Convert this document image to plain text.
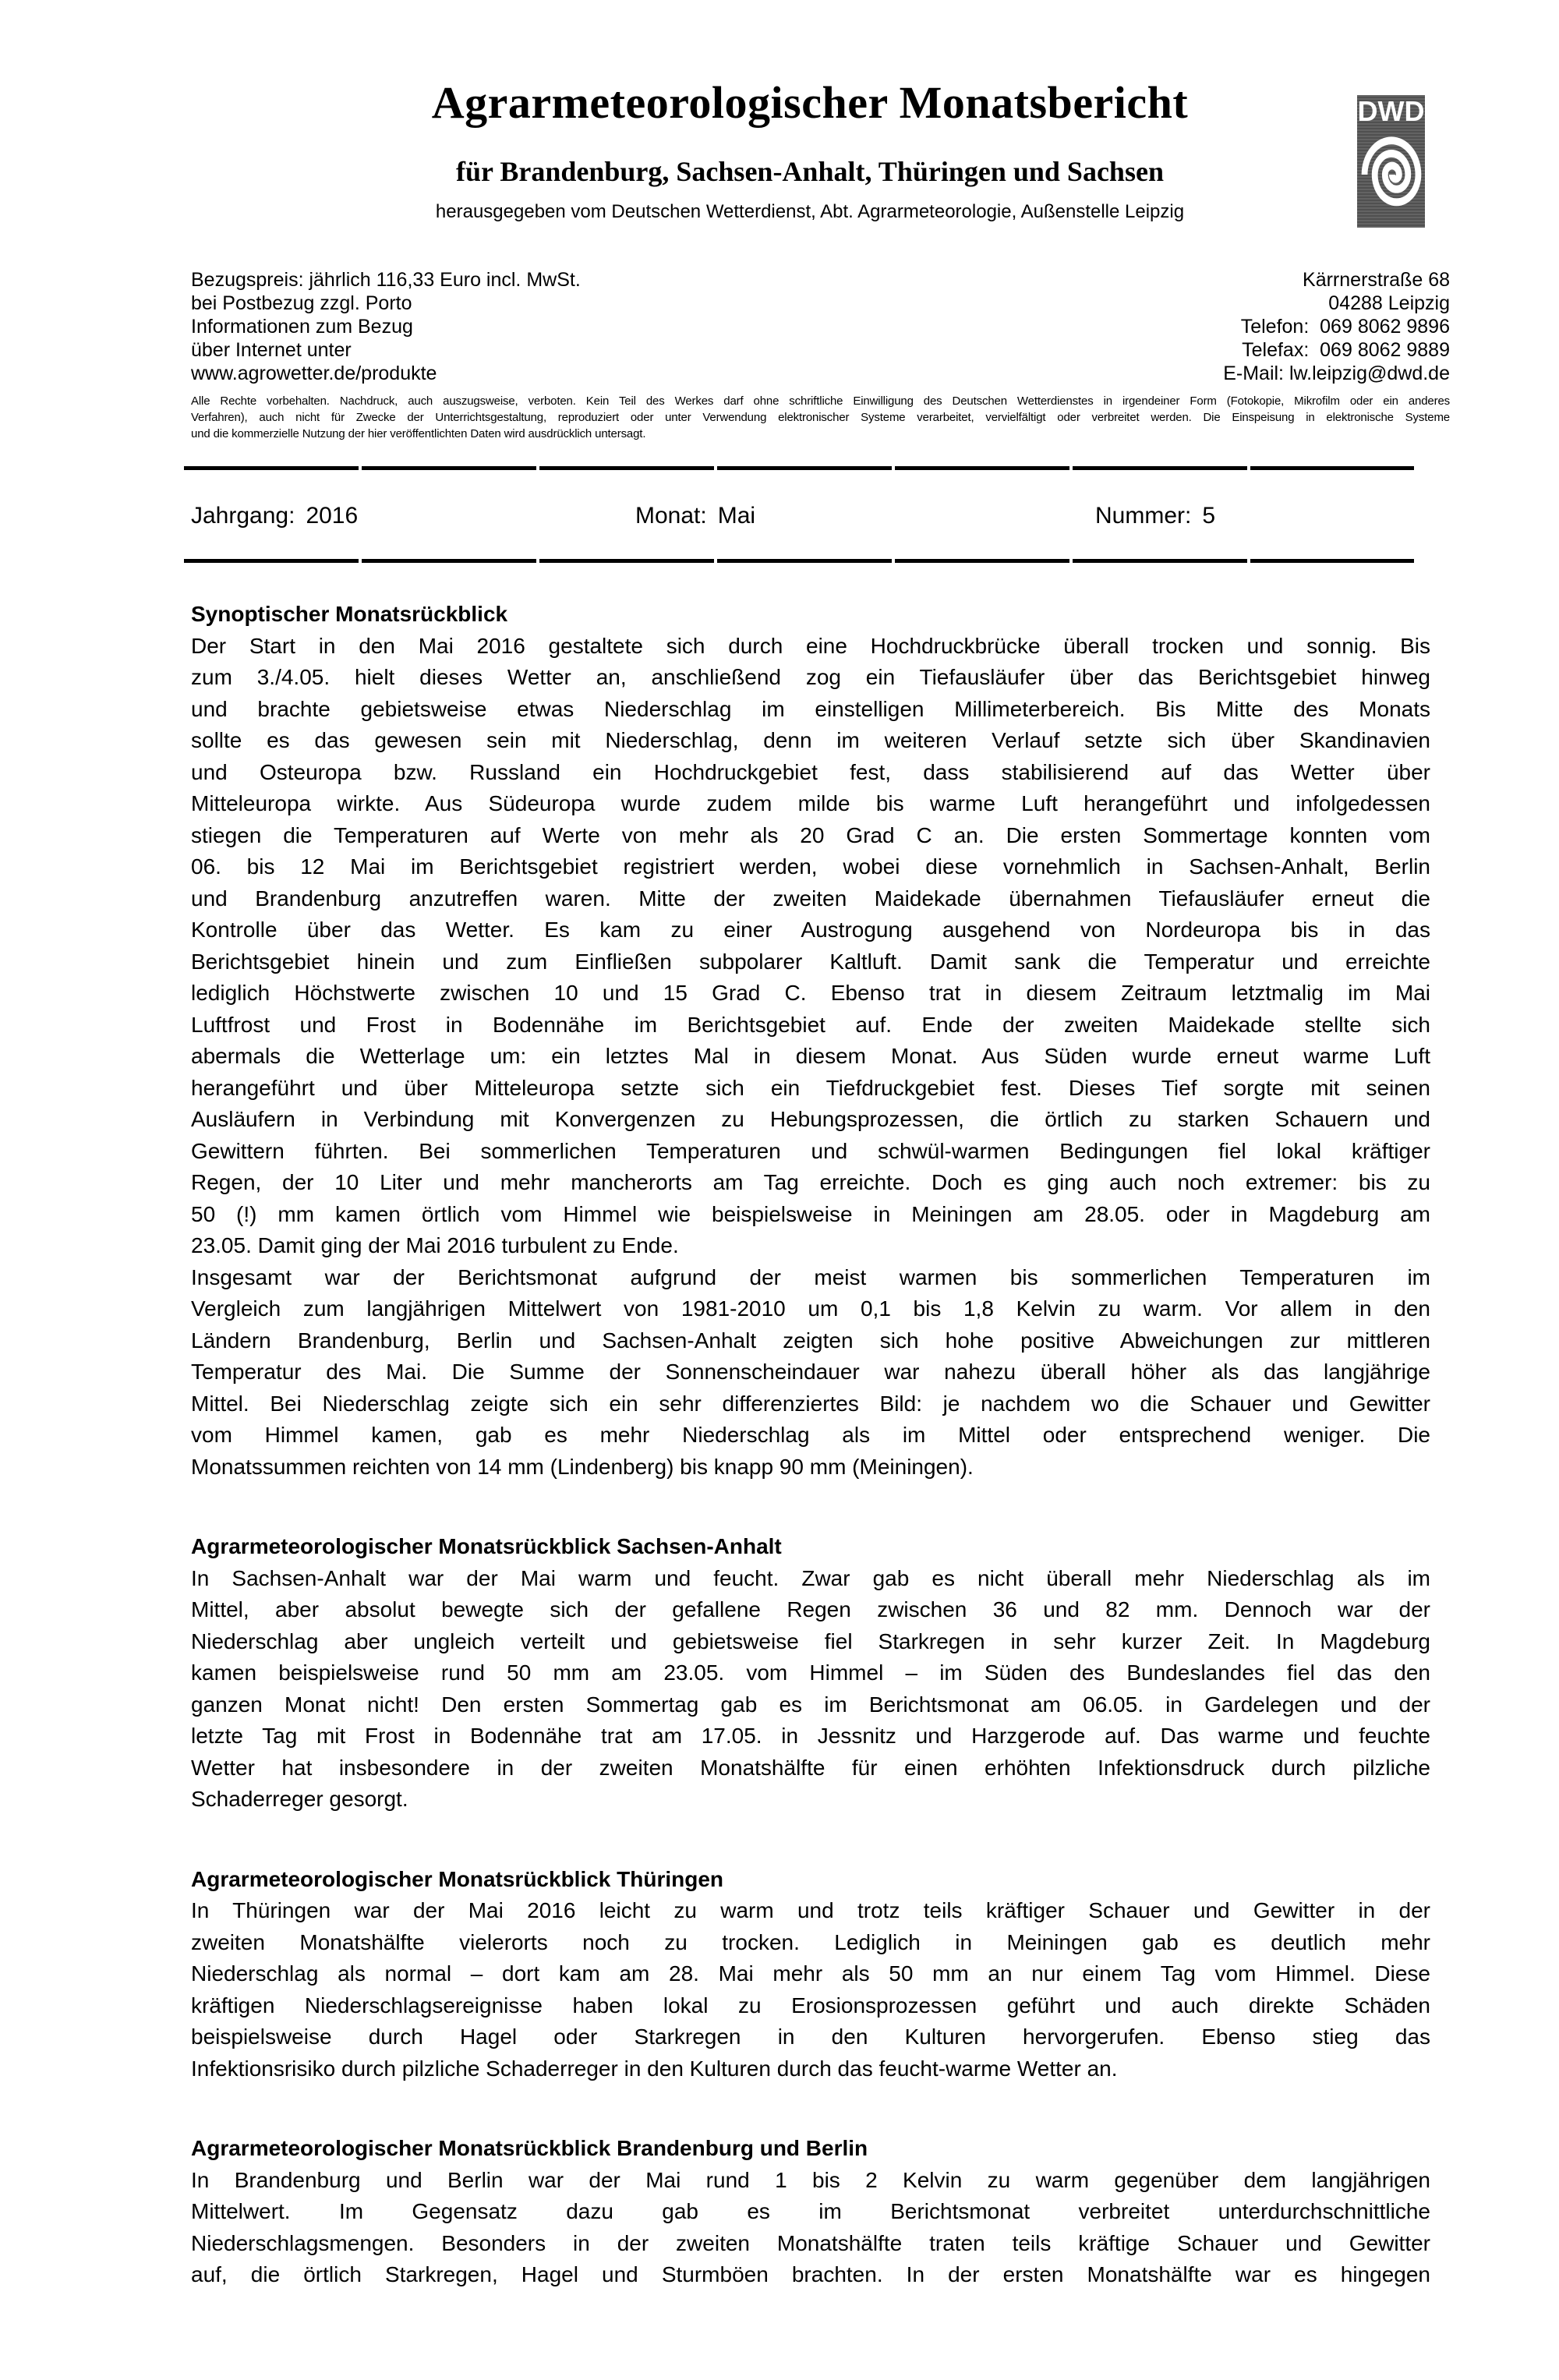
Agrarmeteorologischer Monatsbericht
für Brandenburg, Sachsen-Anhalt, Thüringen und Sachsen
herausgegeben vom Deutschen Wetterdienst, Abt. Agrarmeteorologie, Außenstelle Leipzig
DWD
Bezugspreis: jährlich 116,33 Euro incl. MwSt.
bei Postbezug zzgl. Porto
Informationen zum Bezug
über Internet unter
www.agrowetter.de/produkte
Kärrnerstraße 68
04288 Leipzig
Telefon:  069 8062 9896
Telefax:  069 8062 9889
E-Mail: lw.leipzig@dwd.de
Alle Rechte vorbehalten. Nachdruck, auch auszugsweise, verboten. Kein Teil des Werkes darf ohne schriftliche Einwilligung des Deutschen Wetterdienstes in irgendeiner Form (Fotokopie, Mikrofilm oder ein anderes
Verfahren), auch nicht für Zwecke der Unterrichtsgestaltung, reproduziert oder unter Verwendung elektronischer Systeme verarbeitet, vervielfältigt oder verbreitet werden. Die Einspeisung in elektronische Systeme
und die kommerzielle Nutzung der hier veröffentlichten Daten wird ausdrücklich untersagt.
Jahrgang: 2016	Monat: Mai	Nummer: 5
Synoptischer Monatsrückblick
Der Start in den Mai 2016 gestaltete sich durch eine Hochdruckbrücke überall trocken und sonnig. Bis
zum 3./4.05. hielt dieses Wetter an, anschließend zog ein Tiefausläufer über das Berichtsgebiet hinweg
und brachte gebietsweise etwas Niederschlag im einstelligen Millimeterbereich. Bis Mitte des Monats
sollte es das gewesen sein mit Niederschlag, denn im weiteren Verlauf setzte sich über Skandinavien
und Osteuropa bzw. Russland ein Hochdruckgebiet fest, dass stabilisierend auf das Wetter über
Mitteleuropa wirkte. Aus Südeuropa wurde zudem milde bis warme Luft herangeführt und infolgedessen
stiegen die Temperaturen auf Werte von mehr als 20 Grad C an. Die ersten Sommertage konnten vom
06. bis 12 Mai im Berichtsgebiet registriert werden, wobei diese vornehmlich in Sachsen-Anhalt, Berlin
und Brandenburg anzutreffen waren. Mitte der zweiten Maidekade übernahmen Tiefausläufer erneut die
Kontrolle über das Wetter. Es kam zu einer Austrogung ausgehend von Nordeuropa bis in das
Berichtsgebiet hinein und zum Einfließen subpolarer Kaltluft. Damit sank die Temperatur und erreichte
lediglich Höchstwerte zwischen 10 und 15 Grad C. Ebenso trat in diesem Zeitraum letztmalig im Mai
Luftfrost und Frost in Bodennähe im Berichtsgebiet auf. Ende der zweiten Maidekade stellte sich
abermals die Wetterlage um: ein letztes Mal in diesem Monat. Aus Süden wurde erneut warme Luft
herangeführt und über Mitteleuropa setzte sich ein Tiefdruckgebiet fest. Dieses Tief sorgte mit seinen
Ausläufern in Verbindung mit Konvergenzen zu Hebungsprozessen, die örtlich zu starken Schauern und
Gewittern führten. Bei sommerlichen Temperaturen und schwül-warmen Bedingungen fiel lokal kräftiger
Regen, der 10 Liter und mehr mancherorts am Tag erreichte. Doch es ging auch noch extremer: bis zu
50 (!) mm kamen örtlich vom Himmel wie beispielsweise in Meiningen am 28.05. oder in Magdeburg am
23.05. Damit ging der Mai 2016 turbulent zu Ende.
Insgesamt war der Berichtsmonat aufgrund der meist warmen bis sommerlichen Temperaturen im
Vergleich zum langjährigen Mittelwert von 1981-2010 um 0,1 bis 1,8 Kelvin zu warm. Vor allem in den
Ländern Brandenburg, Berlin und Sachsen-Anhalt zeigten sich hohe positive Abweichungen zur mittleren
Temperatur des Mai. Die Summe der Sonnenscheindauer war nahezu überall höher als das langjährige
Mittel. Bei Niederschlag zeigte sich ein sehr differenziertes Bild: je nachdem wo die Schauer und Gewitter
vom Himmel kamen, gab es mehr Niederschlag als im Mittel oder entsprechend weniger. Die
Monatssummen reichten von 14 mm (Lindenberg) bis knapp 90 mm (Meiningen).
Agrarmeteorologischer Monatsrückblick Sachsen-Anhalt
In Sachsen-Anhalt war der Mai warm und feucht. Zwar gab es nicht überall mehr Niederschlag als im
Mittel, aber absolut bewegte sich der gefallene Regen zwischen 36 und 82 mm. Dennoch war der
Niederschlag aber ungleich verteilt und gebietsweise fiel Starkregen in sehr kurzer Zeit. In Magdeburg
kamen beispielsweise rund 50 mm am 23.05. vom Himmel – im Süden des Bundeslandes fiel das den
ganzen Monat nicht! Den ersten Sommertag gab es im Berichtsmonat am 06.05. in Gardelegen und der
letzte Tag mit Frost in Bodennähe trat am 17.05. in Jessnitz und Harzgerode auf. Das warme und feuchte
Wetter hat insbesondere in der zweiten Monatshälfte für einen erhöhten Infektionsdruck durch pilzliche
Schaderreger gesorgt.
Agrarmeteorologischer Monatsrückblick Thüringen
In Thüringen war der Mai 2016 leicht zu warm und trotz teils kräftiger Schauer und Gewitter in der
zweiten Monatshälfte vielerorts noch zu trocken. Lediglich in Meiningen gab es deutlich mehr
Niederschlag als normal – dort kam am 28. Mai mehr als 50 mm an nur einem Tag vom Himmel. Diese
kräftigen Niederschlagsereignisse haben lokal zu Erosionsprozessen geführt und auch direkte Schäden
beispielsweise durch Hagel oder Starkregen in den Kulturen hervorgerufen. Ebenso stieg das
Infektionsrisiko durch pilzliche Schaderreger in den Kulturen durch das feucht-warme Wetter an.
Agrarmeteorologischer Monatsrückblick Brandenburg und Berlin
In Brandenburg und Berlin war der Mai rund 1 bis 2 Kelvin zu warm gegenüber dem langjährigen
Mittelwert. Im Gegensatz dazu gab es im Berichtsmonat verbreitet unterdurchschnittliche
Niederschlagsmengen. Besonders in der zweiten Monatshälfte traten teils kräftige Schauer und Gewitter
auf, die örtlich Starkregen, Hagel und Sturmböen brachten. In der ersten Monatshälfte war es hingegen
